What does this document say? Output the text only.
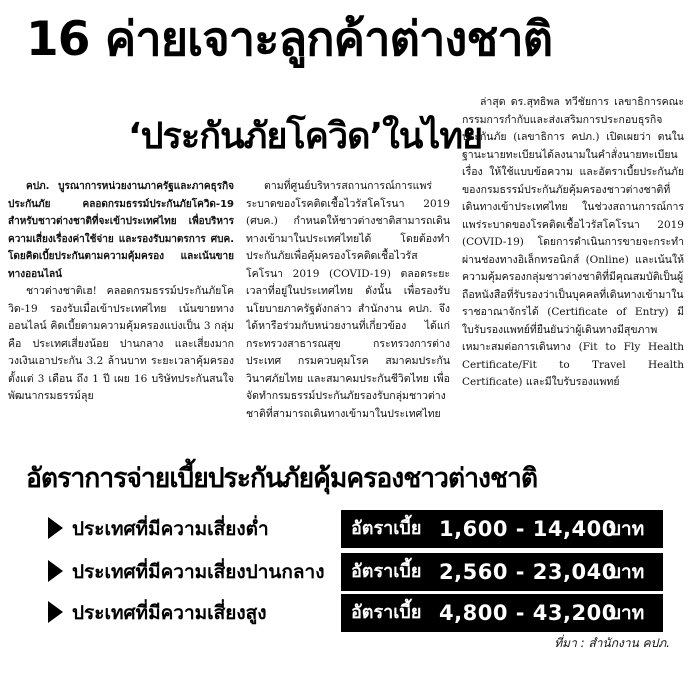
16 ค่ายเจาะลูกค้าต่างชาติ
‘ประกันภัยโควิด’ในไทย

คปภ. บูรณาการหน่วยงานภาครัฐและภาคธุรกิจประกันภัย คลอดกรมธรรม์ประกันภัยโควิด-19 สำหรับชาวต่างชาติที่จะเข้าประเทศไทย เพื่อบริหารความเสี่ยงเรื่องค่าใช้จ่าย และรองรับมาตรการ ศบค. โดยคิดเบี้ยประกันตามความคุ้มครอง และเน้นขายทางออนไลน์

ชาวต่างชาติเฮ! คลอดกรมธรรม์ประกันภัยโควิด-19 รองรับเมื่อเข้าประเทศไทย เน้นขายทางออนไลน์ คิดเบี้ยตามความคุ้มครองแบ่งเป็น 3 กลุ่ม คือ ประเทศเสี่ยงน้อย ปานกลาง และเสี่ยงมาก วงเงินเอาประกัน 3.2 ล้านบาท ระยะเวลาคุ้มครองตั้งแต่ 3 เดือน ถึง 1 ปี เผย 16 บริษัทประกันสนใจพัฒนากรมธรรม์ลุย

ตามที่ศูนย์บริหารสถานการณ์การแพร่ระบาดของโรคติดเชื้อไวรัสโคโรนา 2019 (ศบค.) กำหนดให้ชาวต่างชาติสามารถเดินทางเข้ามาในประเทศไทยได้ โดยต้องทำประกันภัยเพื่อคุ้มครองโรคติดเชื้อไวรัสโคโรนา 2019 (COVID-19) ตลอดระยะเวลาที่อยู่ในประเทศไทย ดังนั้น เพื่อรองรับนโยบายภาครัฐดังกล่าว สำนักงาน คปภ. จึงได้หารือร่วมกับหน่วยงานที่เกี่ยวข้อง ได้แก่ กระทรวงสาธารณสุข กระทรวงการต่างประเทศ กรมควบคุมโรค สมาคมประกันวินาศภัยไทย และสมาคมประกันชีวิตไทย เพื่อจัดทำกรมธรรม์ประกันภัยรองรับกลุ่มชาวต่างชาติที่สามารถเดินทางเข้ามาในประเทศไทย

ล่าสุด ดร.สุทธิพล ทวีชัยการ เลขาธิการคณะกรรมการกำกับและส่งเสริมการประกอบธุรกิจประกันภัย (เลขาธิการ คปภ.) เปิดเผยว่า ตนในฐานะนายทะเบียนได้ลงนามในคำสั่งนายทะเบียน เรื่อง ให้ใช้แบบข้อความ และอัตราเบี้ยประกันภัยของกรมธรรม์ประกันภัยคุ้มครองชาวต่างชาติที่เดินทางเข้าประเทศไทย ในช่วงสถานการณ์การแพร่ระบาดของโรคติดเชื้อไวรัสโคโรนา 2019 (COVID-19) โดยการดำเนินการขายจะกระทำผ่านช่องทางอิเล็กทรอนิกส์ (Online) และเน้นให้ความคุ้มครองกลุ่มชาวต่างชาติที่มีคุณสมบัติเป็นผู้ถือหนังสือที่รับรองว่าเป็นบุคคลที่เดินทางเข้ามาในราชอาณาจักรได้ (Certificate of Entry) มีใบรับรองแพทย์ที่ยืนยันว่าผู้เดินทางมีสุขภาพเหมาะสมต่อการเดินทาง (Fit to Fly Health Certificate/Fit to Travel Health Certificate) และมีใบรับรองแพทย์

อัตราการจ่ายเบี้ยประกันภัยคุ้มครองชาวต่างชาติ
ประเทศที่มีความเสี่ยงต่ำ	อัตราเบี้ย 1,600 - 14,400
บาท
ประเทศที่มีความเสี่ยงปานกลาง อัตราเบี้ย 2,560 - 23,040
บาท
ประเทศที่มีความเสี่ยงสูง	อัตราเบี้ย 4,800 - 43,200
บาท
ที่มา : สำนักงาน คปภ.
